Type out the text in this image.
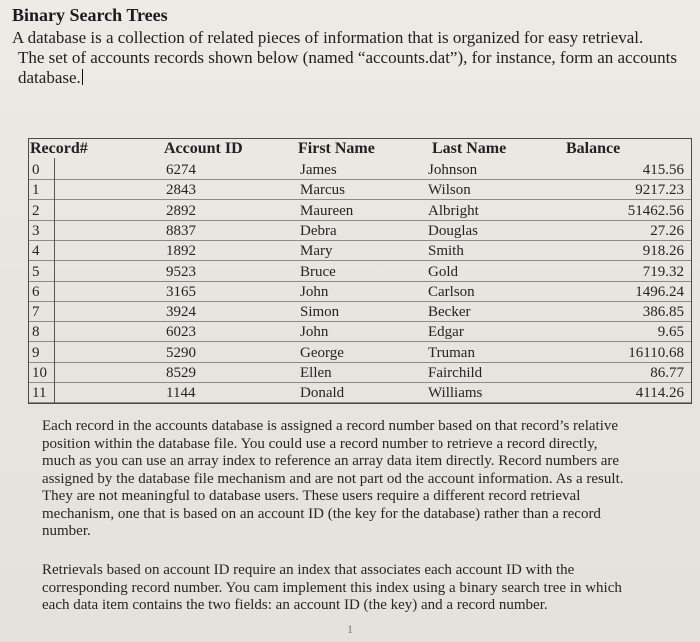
Binary Search Trees
A database is a collection of related pieces of information that is organized for easy retrieval.
The set of accounts records shown below (named “accounts.dat”), for instance, form an accounts
database.
Record#	Account ID	First Name	Last Name	Balance
0	6274	James	Johnson	415.56
1	2843	Marcus	Wilson	9217.23
2	2892	Maureen	Albright	51462.56
3	8837	Debra	Douglas	27.26
4	1892	Mary	Smith	918.26
5	9523	Bruce	Gold	719.32
6	3165	John	Carlson	1496.24
7	3924	Simon	Becker	386.85
8	6023	John	Edgar	9.65
9	5290	George	Truman	16110.68
10	8529	Ellen	Fairchild	86.77
11	1144	Donald	Williams	4114.26
Each record in the accounts database is assigned a record number based on that record’s relative
position within the database file. You could use a record number to retrieve a record directly,
much as you can use an array index to reference an array data item directly. Record numbers are
assigned by the database file mechanism and are not part od the account information. As a result.
They are not meaningful to database users. These users require a different record retrieval
mechanism, one that is based on an account ID (the key for the database) rather than a record
number.
Retrievals based on account ID require an index that associates each account ID with the
corresponding record number. You cam implement this index using a binary search tree in which
each data item contains the two fields: an account ID (the key) and a record number.
1
